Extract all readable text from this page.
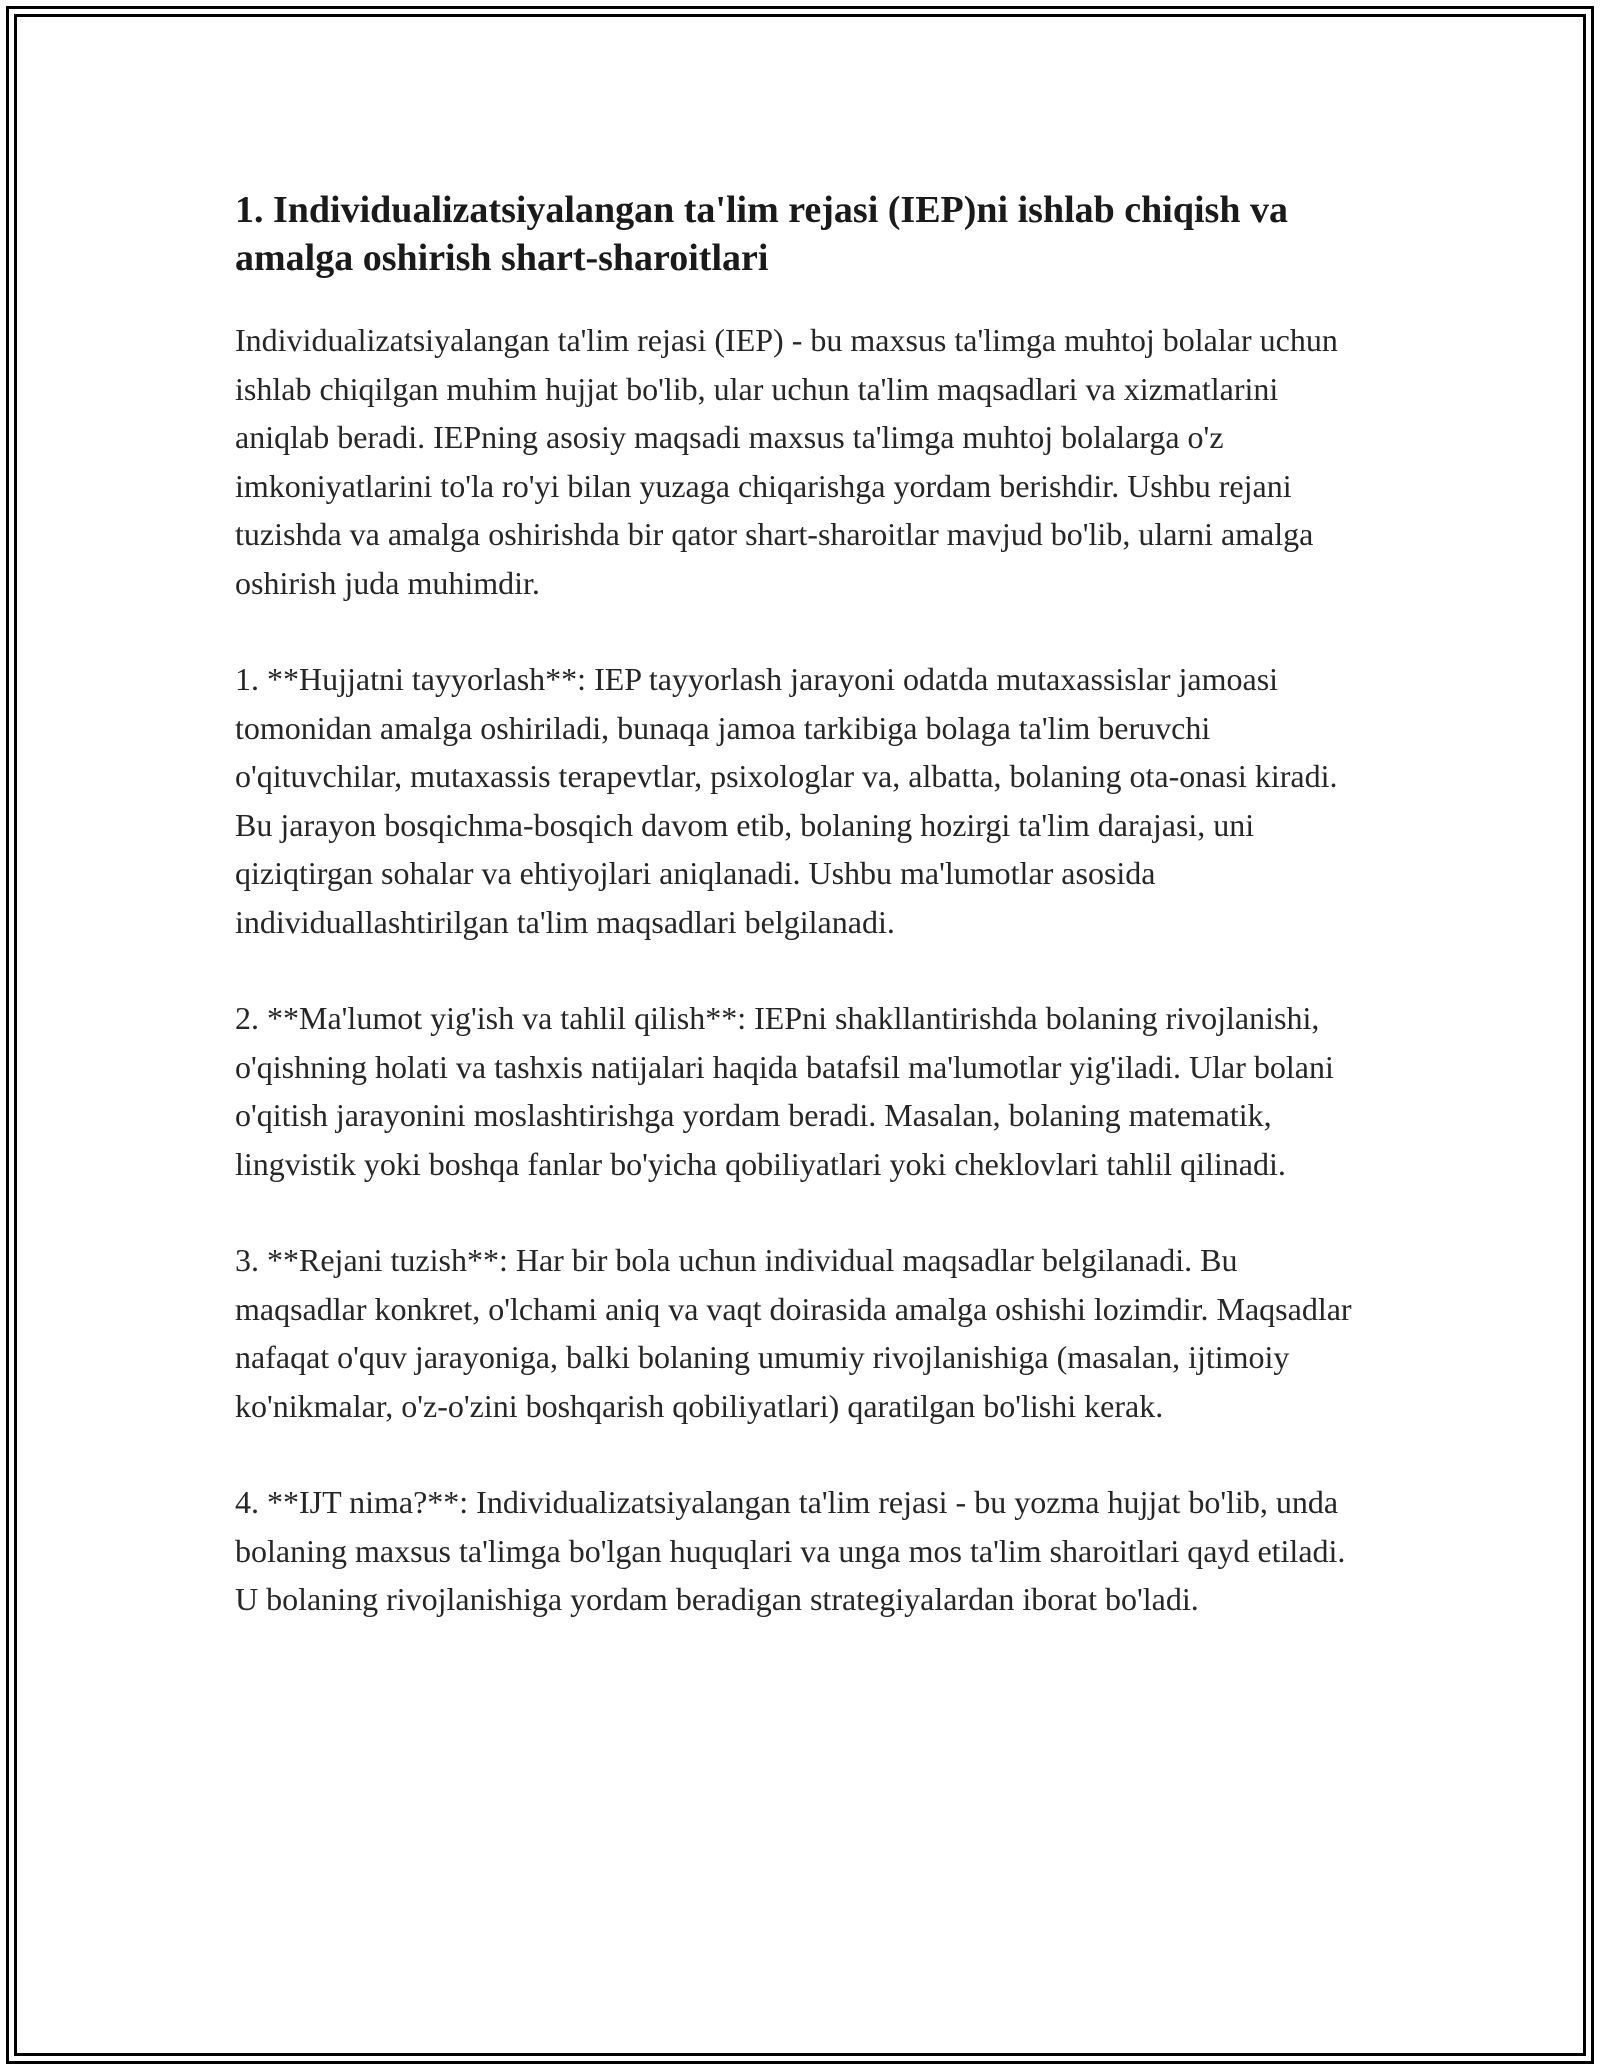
1. Individualizatsiyalangan ta'lim rejasi (IEP)ni ishlab chiqish va amalga oshirish shart-sharoitlari

Individualizatsiyalangan ta'lim rejasi (IEP) - bu maxsus ta'limga muhtoj bolalar uchun ishlab chiqilgan muhim hujjat bo'lib, ular uchun ta'lim maqsadlari va xizmatlarini aniqlab beradi. IEPning asosiy maqsadi maxsus ta'limga muhtoj bolalarga o'z imkoniyatlarini to'la ro'yi bilan yuzaga chiqarishga yordam berishdir. Ushbu rejani tuzishda va amalga oshirishda bir qator shart-sharoitlar mavjud bo'lib, ularni amalga oshirish juda muhimdir.

1. **Hujjatni tayyorlash**: IEP tayyorlash jarayoni odatda mutaxassislar jamoasi tomonidan amalga oshiriladi, bunaqa jamoa tarkibiga bolaga ta'lim beruvchi o'qituvchilar, mutaxassis terapevtlar, psixologlar va, albatta, bolaning ota-onasi kiradi. Bu jarayon bosqichma-bosqich davom etib, bolaning hozirgi ta'lim darajasi, uni qiziqtirgan sohalar va ehtiyojlari aniqlanadi. Ushbu ma'lumotlar asosida individuallashtirilgan ta'lim maqsadlari belgilanadi.

2. **Ma'lumot yig'ish va tahlil qilish**: IEPni shakllantirishda bolaning rivojlanishi, o'qishning holati va tashxis natijalari haqida batafsil ma'lumotlar yig'iladi. Ular bolani o'qitish jarayonini moslashtirishga yordam beradi. Masalan, bolaning matematik, lingvistik yoki boshqa fanlar bo'yicha qobiliyatlari yoki cheklovlari tahlil qilinadi.

3. **Rejani tuzish**: Har bir bola uchun individual maqsadlar belgilanadi. Bu maqsadlar konkret, o'lchami aniq va vaqt doirasida amalga oshishi lozimdir. Maqsadlar nafaqat o'quv jarayoniga, balki bolaning umumiy rivojlanishiga (masalan, ijtimoiy ko'nikmalar, o'z-o'zini boshqarish qobiliyatlari) qaratilgan bo'lishi kerak.

4. **IJT nima?**: Individualizatsiyalangan ta'lim rejasi - bu yozma hujjat bo'lib, unda bolaning maxsus ta'limga bo'lgan huquqlari va unga mos ta'lim sharoitlari qayd etiladi. U bolaning rivojlanishiga yordam beradigan strategiyalardan iborat bo'ladi.
